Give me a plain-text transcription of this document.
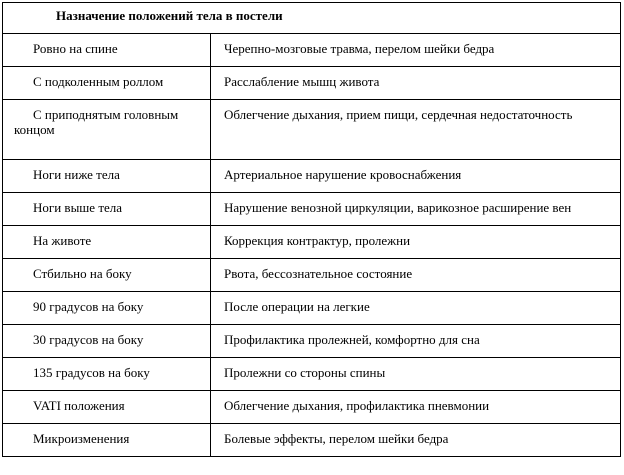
Назначение положений тела в постели	

Ровно на спине	Черепно-мозговые травма, перелом шейки бедра

С подколенным роллом	Расслабление мышц живота

С приподнятым головным концом	Облегчение дыхания, прием пищи, сердечная недостаточность

Ноги ниже тела	Артериальное нарушение кровоснабжения

Ноги выше тела	Нарушение венозной циркуляции, варикозное расширение вен

На животе	Коррекция контрактур, пролежни

Стбильно на боку	Рвота, бессознательное состояние

90 градусов на боку	После операции на легкие

30 градусов на боку	Профилактика пролежней, комфортно для сна

135 градусов на боку	Пролежни со стороны спины

VATI положения	Облегчение дыхания, профилактика пневмонии

Микроизменения	Болевые эффекты, перелом шейки бедра
